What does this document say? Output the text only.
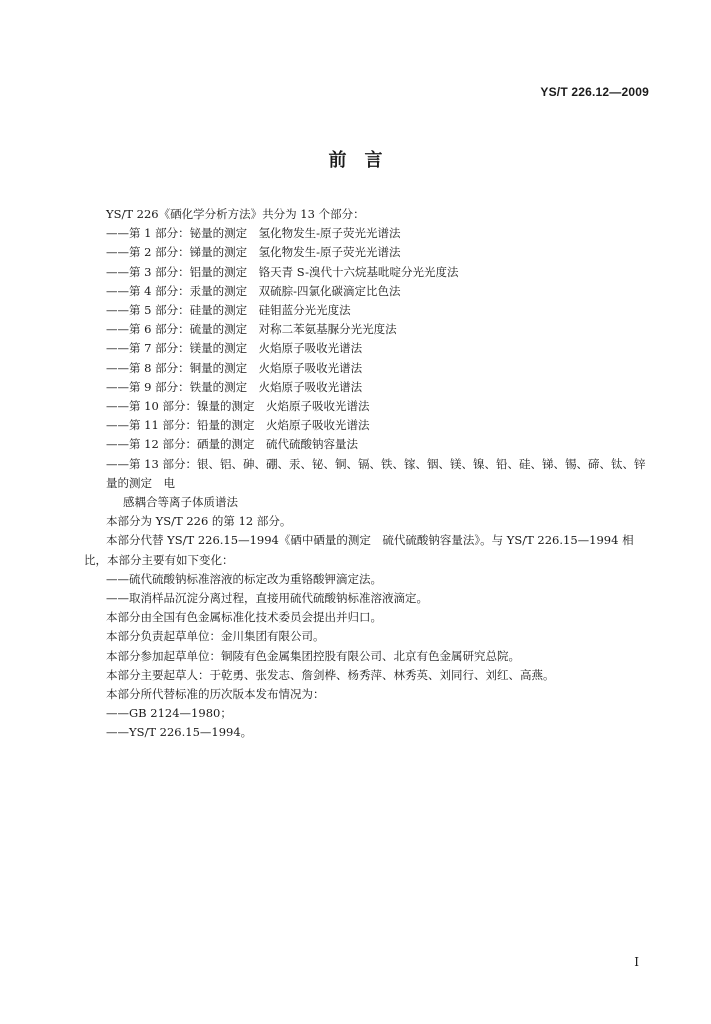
YS/T 226.12—2009
前　言
YS/T 226《硒化学分析方法》共分为 13 个部分：
——第 1 部分：铋量的测定　氢化物发生-原子荧光光谱法
——第 2 部分：锑量的测定　氢化物发生-原子荧光光谱法
——第 3 部分：铝量的测定　铬天青 S-溴代十六烷基吡啶分光光度法
——第 4 部分：汞量的测定　双硫腙-四氯化碳滴定比色法
——第 5 部分：硅量的测定　硅钼蓝分光光度法
——第 6 部分：硫量的测定　对称二苯氨基脲分光光度法
——第 7 部分：镁量的测定　火焰原子吸收光谱法
——第 8 部分：铜量的测定　火焰原子吸收光谱法
——第 9 部分：铁量的测定　火焰原子吸收光谱法
——第 10 部分：镍量的测定　火焰原子吸收光谱法
——第 11 部分：铅量的测定　火焰原子吸收光谱法
——第 12 部分：硒量的测定　硫代硫酸钠容量法
——第 13 部分：银、铝、砷、硼、汞、铋、铜、镉、铁、镓、铟、镁、镍、铅、硅、锑、锡、碲、钛、锌量的测定　电
感耦合等离子体质谱法
本部分为 YS/T 226 的第 12 部分。
本部分代替 YS/T 226.15—1994《硒中硒量的测定　硫代硫酸钠容量法》。与 YS/T 226.15—1994 相比，本部分主要有如下变化：
——硫代硫酸钠标准溶液的标定改为重铬酸钾滴定法。
——取消样品沉淀分离过程，直接用硫代硫酸钠标准溶液滴定。
本部分由全国有色金属标准化技术委员会提出并归口。
本部分负责起草单位：金川集团有限公司。
本部分参加起草单位：铜陵有色金属集团控股有限公司、北京有色金属研究总院。
本部分主要起草人：于乾勇、张发志、詹剑桦、杨秀萍、林秀英、刘同行、刘红、高燕。
本部分所代替标准的历次版本发布情况为：
——GB 2124—1980；
——YS/T 226.15—1994。
I
